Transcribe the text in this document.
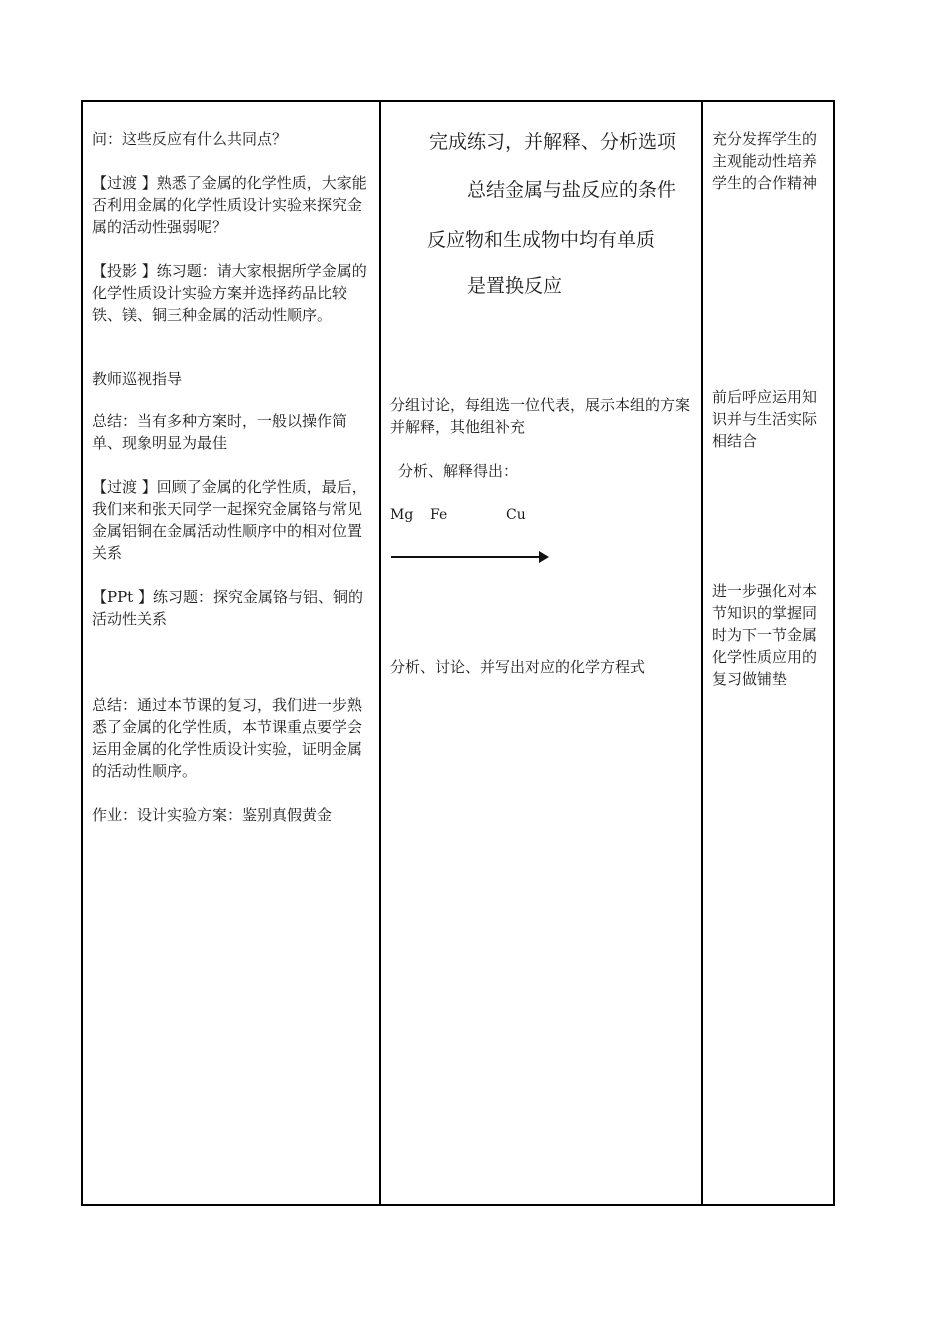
问：这些反应有什么共同点？

【过渡 】熟悉了金属的化学性质，大家能否利用金属的化学性质设计实验来探究金属的活动性强弱呢？

【投影 】练习题：请大家根据所学金属的化学性质设计实验方案并选择药品比较铁、镁、铜三种金属的活动性顺序。

教师巡视指导

总结：当有多种方案时，一般以操作简单、现象明显为最佳

【过渡 】回顾了金属的化学性质，最后，我们来和张天同学一起探究金属铬与常见金属铝铜在金属活动性顺序中的相对位置关系

【PPt 】练习题：探究金属铬与铝、铜的活动性关系

总结：通过本节课的复习，我们进一步熟悉了金属的化学性质，本节课重点要学会运用金属的化学性质设计实验，证明金属的活动性顺序。

作业：设计实验方案：鉴别真假黄金

完成练习，并解释、分析选项
总结金属与盐反应的条件
反应物和生成物中均有单质
是置换反应

分组讨论，每组选一位代表，展示本组的方案并解释，其他组补充

分析、解释得出：

Mg Fe	Cu

分析、讨论、并写出对应的化学方程式

充分发挥学生的主观能动性培养学生的合作精神

前后呼应运用知识并与生活实际相结合

进一步强化对本节知识的掌握同时为下一节金属化学性质应用的复习做铺垫
